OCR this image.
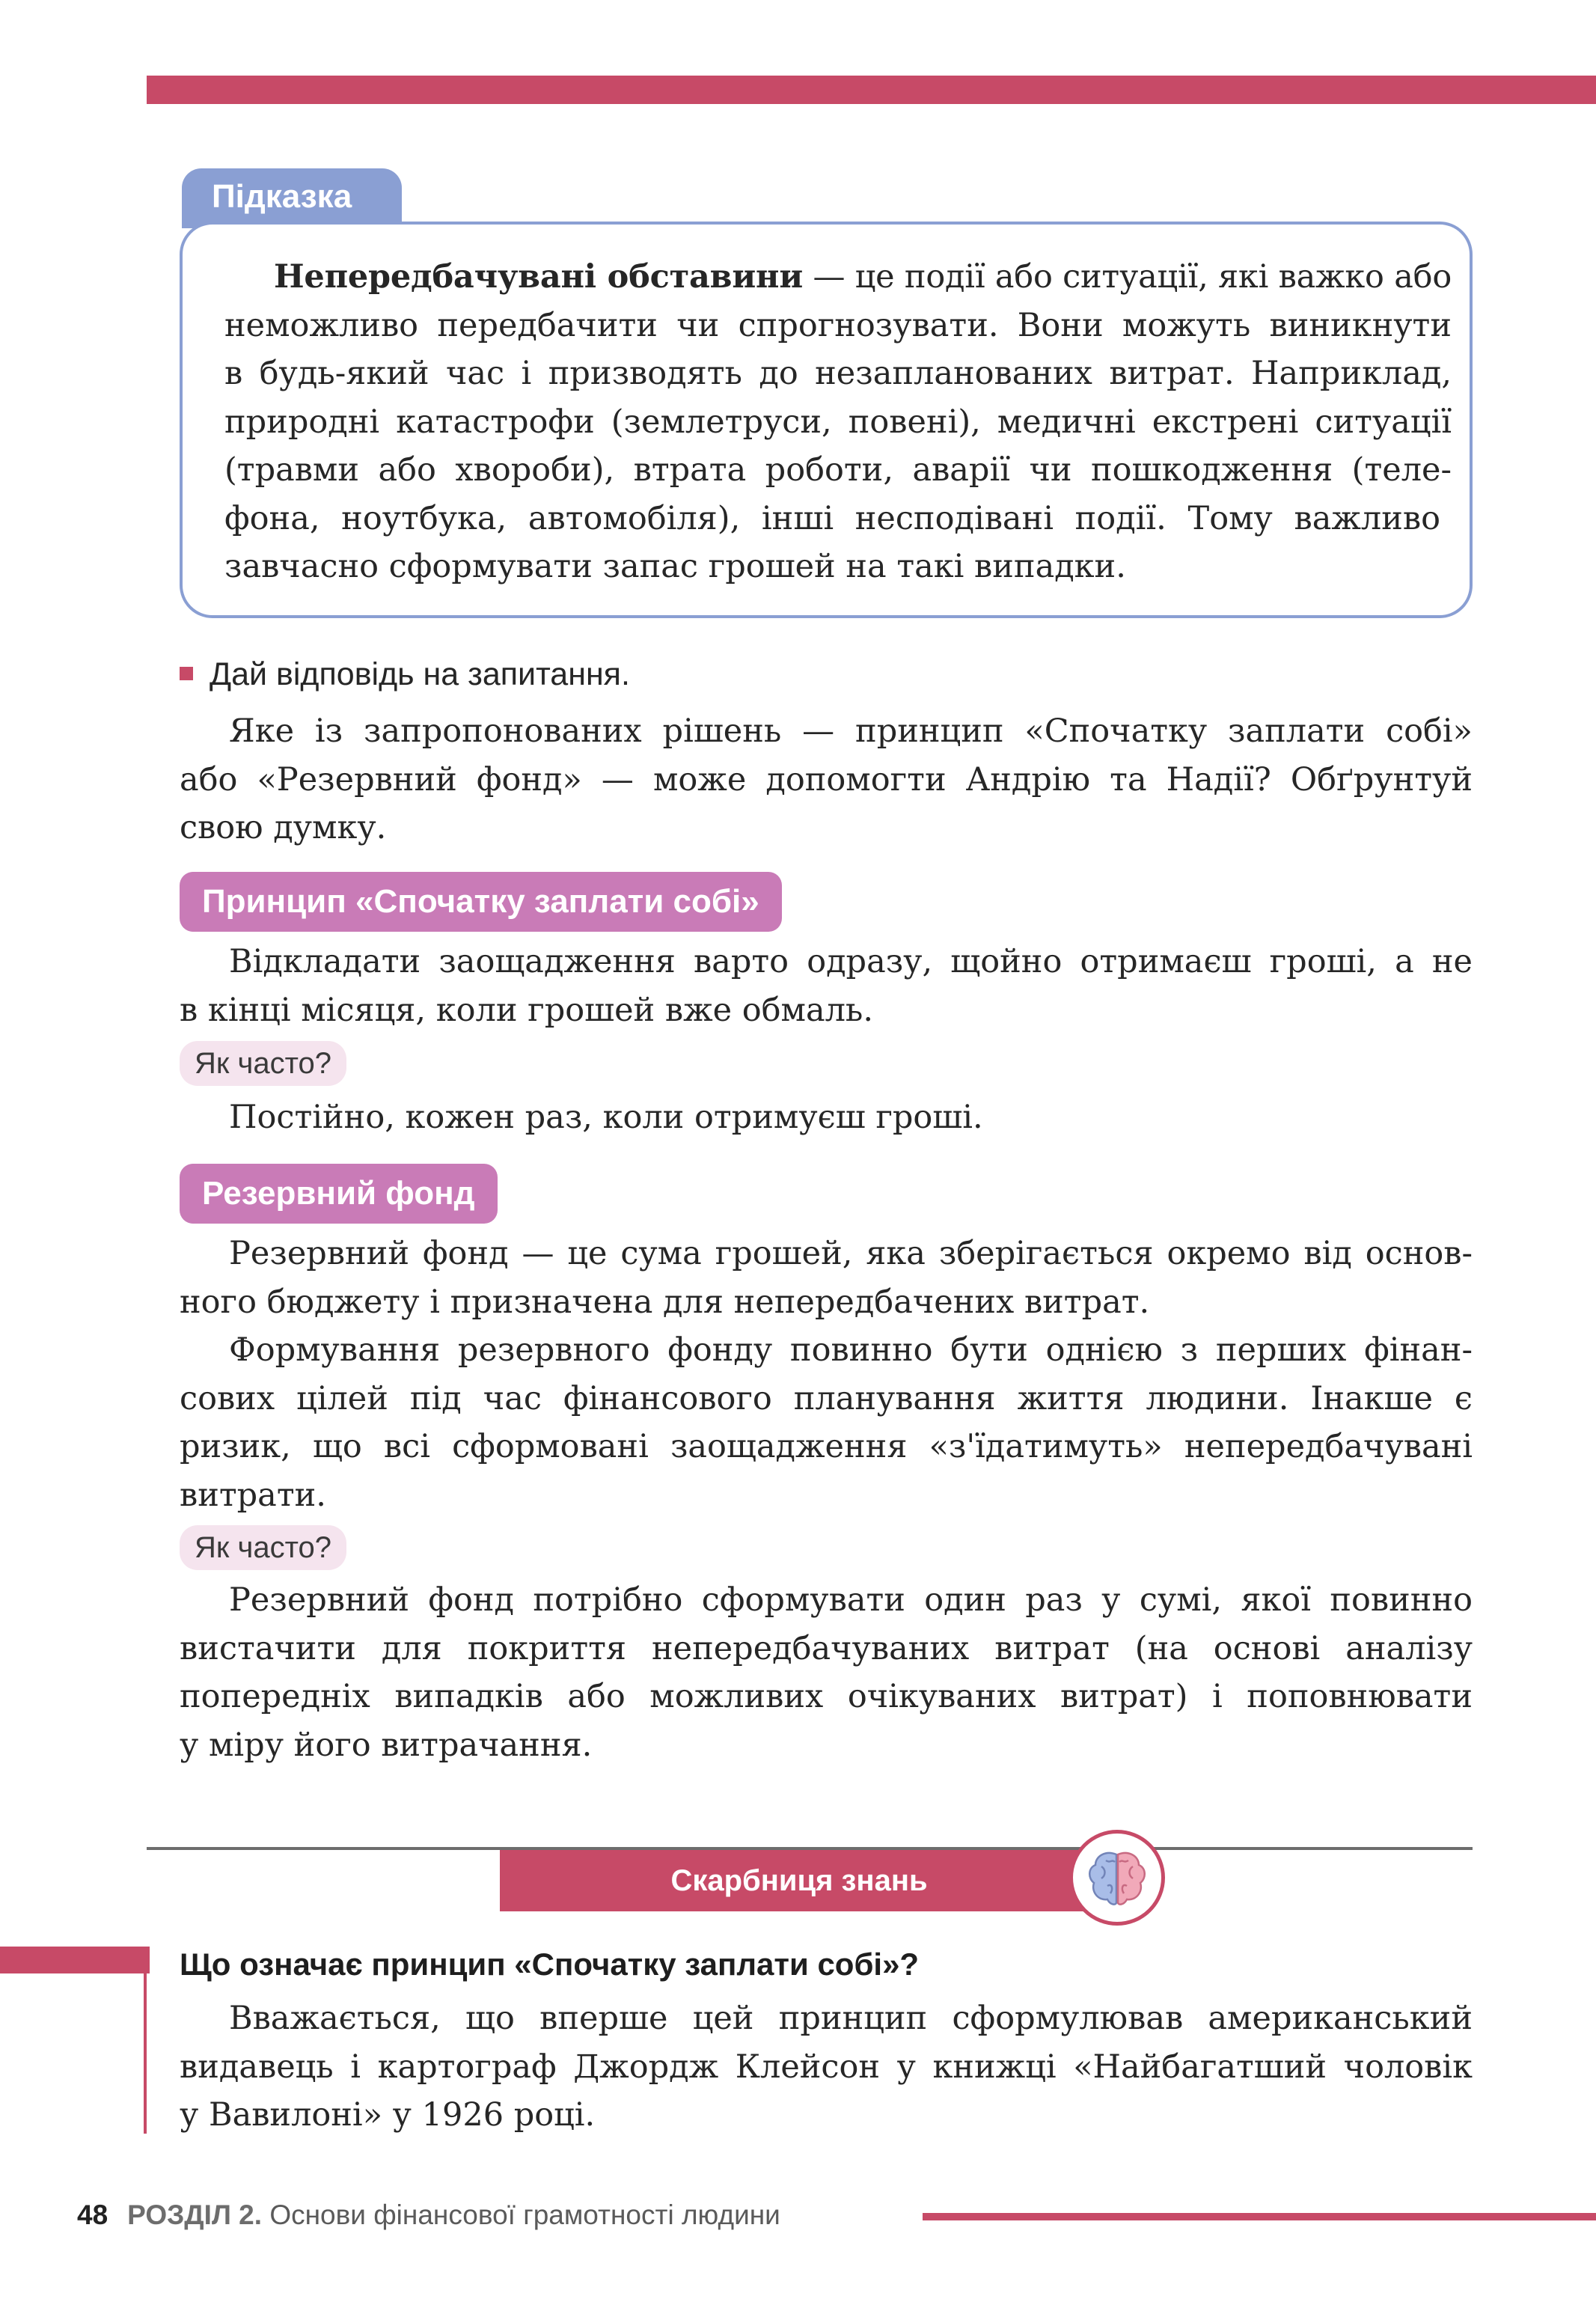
Підказка
Непередбачувані обставини — це події або ситуації, які важко або
неможливо передбачити чи спрогнозувати. Вони можуть виникнути
в будь-який час і призводять до незапланованих витрат. Наприклад,
природні катастрофи (землетруси, повені), медичні екстрені ситуації
(травми або хвороби), втрата роботи, аварії чи пошкодження (теле-
фона, ноутбука, автомобіля), інші несподівані події. Тому важливо
завчасно сформувати запас грошей на такі випадки.
Дай відповідь на запитання.
Яке із запропонованих рішень — принцип «Спочатку заплати собі»
або «Резервний фонд» — може допомогти Андрію та Надії? Обґрунтуй
свою думку.
Принцип «Спочатку заплати собі»
Відкладати заощадження варто одразу, щойно отримаєш гроші, а не
в кінці місяця, коли грошей вже обмаль.
Як часто?
Постійно, кожен раз, коли отримуєш гроші.
Резервний фонд
Резервний фонд — це сума грошей, яка зберігається окремо від основ-
ного бюджету і призначена для непередбачених витрат.
Формування резервного фонду повинно бути однією з перших фінан-
сових цілей під час фінансового планування життя людини. Інакше є
ризик, що всі сформовані заощадження «з'їдатимуть» непередбачувані
витрати.
Як часто?
Резервний фонд потрібно сформувати один раз у сумі, якої повинно
вистачити для покриття непередбачуваних витрат (на основі аналізу
попередніх випадків або можливих очікуваних витрат) і поповнювати
у міру його витрачання.
Скарбниця знань
Що означає принцип «Спочатку заплати собі»?
Вважається, що вперше цей принцип сформулював американський
видавець і картограф Джордж Клейсон у книжці «Найбагатший чоловік
у Вавилоні» у 1926 році.
48 РОЗДІЛ 2. Основи фінансової грамотності людини
